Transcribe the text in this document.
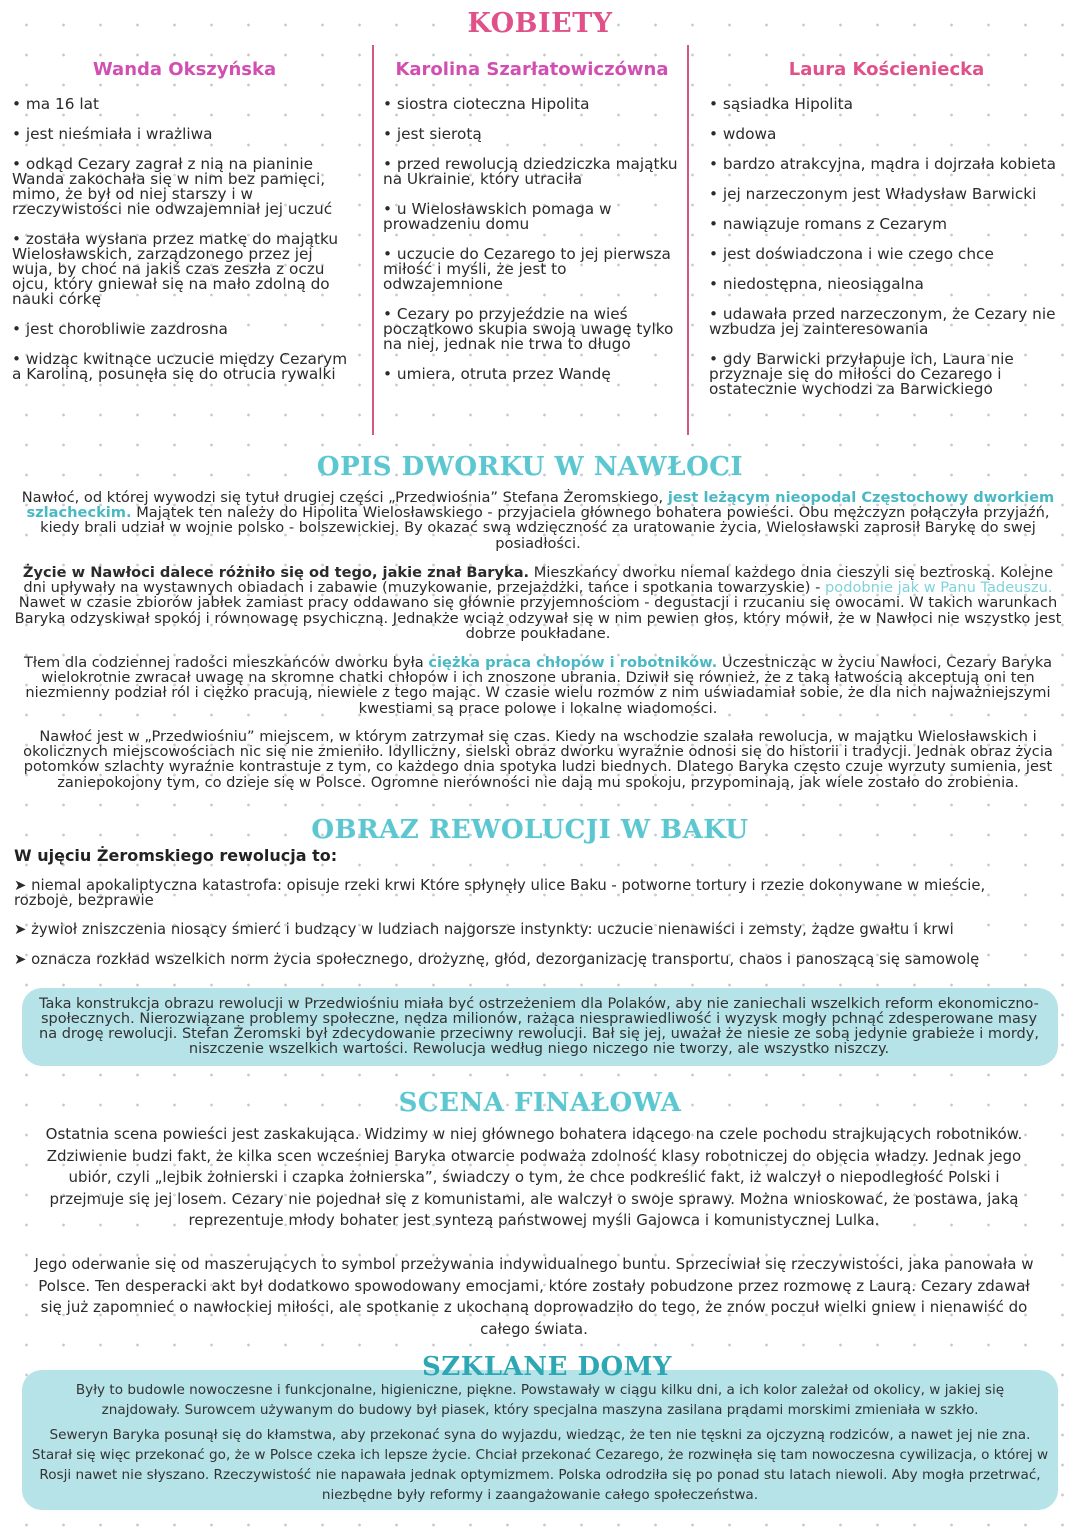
KOBIETY
Wanda Okszyńska
• ma 16 lat
• jest nieśmiała i wrażliwa
• odkąd Cezary zagrał z nią na pianinie Wanda zakochała się w nim bez pamięci, mimo, że był od niej starszy i w rzeczywistości nie odwzajemniał jej uczuć
• została wysłana przez matkę do majątku Wielosławskich, zarządzonego przez jej wuja, by choć na jakiś czas zeszła z oczu ojcu, który gniewał się na mało zdolną do nauki córkę
• jest chorobliwie zazdrosna
• widząc kwitnące uczucie między Cezarym a Karoliną, posunęła się do otrucia rywalki
Karolina Szarłatowiczówna
• siostra cioteczna Hipolita
• jest sierotą
• przed rewolucją dziedziczka majątku na Ukrainie, który utraciła
• u Wielosławskich pomaga w prowadzeniu domu
• uczucie do Cezarego to jej pierwsza miłość i myśli, że jest to odwzajemnione
• Cezary po przyjeździe na wieś początkowo skupia swoją uwagę tylko na niej, jednak nie trwa to długo
• umiera, otruta przez Wandę
Laura Kościeniecka
• sąsiadka Hipolita
• wdowa
• bardzo atrakcyjna, mądra i dojrzała kobieta
• jej narzeczonym jest Władysław Barwicki
• nawiązuje romans z Cezarym
• jest doświadczona i wie czego chce
• niedostępna, nieosiągalna
• udawała przed narzeczonym, że Cezary nie wzbudza jej zainteresowania
• gdy Barwicki przyłapuje ich, Laura nie przyznaje się do miłości do Cezarego i ostatecznie wychodzi za Barwickiego
OPIS DWORKU W NAWŁOCI
Nawłoć, od której wywodzi się tytuł drugiej części „Przedwiośnia” Stefana Żeromskiego, jest leżącym nieopodal Częstochowy dworkiem szlacheckim. Majątek ten należy do Hipolita Wielosławskiego - przyjaciela głównego bohatera powieści. Obu mężczyzn połączyła przyjaźń, kiedy brali udział w wojnie polsko - bolszewickiej. By okazać swą wdzięczność za uratowanie życia, Wielosławski zaprosił Barykę do swej posiadłości.
Życie w Nawłoci dalece różniło się od tego, jakie znał Baryka. Mieszkańcy dworku niemal każdego dnia cieszyli się beztroską. Kolejne dni upływały na wystawnych obiadach i zabawie (muzykowanie, przejażdżki, tańce i spotkania towarzyskie) - podobnie jak w Panu Tadeuszu. Nawet w czasie zbiorów jabłek zamiast pracy oddawano się głównie przyjemnościom - degustacji i rzucaniu się owocami. W takich warunkach Baryka odzyskiwał spokój i równowagę psychiczną. Jednakże wciąż odzywał się w nim pewien głos, który mówił, że w Nawłoci nie wszystko jest dobrze poukładane.
Tłem dla codziennej radości mieszkańców dworku była ciężka praca chłopów i robotników. Uczestnicząc w życiu Nawłoci, Cezary Baryka wielokrotnie zwracał uwagę na skromne chatki chłopów i ich znoszone ubrania. Dziwił się również, że z taką łatwością akceptują oni ten niezmienny podział ról i ciężko pracują, niewiele z tego mając. W czasie wielu rozmów z nim uświadamiał sobie, że dla nich najważniejszymi kwestiami są prace polowe i lokalne wiadomości.
Nawłoć jest w „Przedwiośniu” miejscem, w którym zatrzymał się czas. Kiedy na wschodzie szalała rewolucja, w majątku Wielosławskich i okolicznych miejscowościach nic się nie zmieniło. Idylliczny, sielski obraz dworku wyraźnie odnosi się do historii i tradycji. Jednak obraz życia potomków szlachty wyraźnie kontrastuje z tym, co każdego dnia spotyka ludzi biednych. Dlatego Baryka często czuje wyrzuty sumienia, jest zaniepokojony tym, co dzieje się w Polsce. Ogromne nierówności nie dają mu spokoju, przypominają, jak wiele zostało do zrobienia.
OBRAZ REWOLUCJI W BAKU
W ujęciu Żeromskiego rewolucja to:
➤ niemal apokaliptyczna katastrofa: opisuje rzeki krwi Które spłynęły ulice Baku - potworne tortury i rzezie dokonywane w mieście, rozboje, bezprawie
➤ żywioł zniszczenia niosący śmierć i budzący w ludziach najgorsze instynkty: uczucie nienawiści i zemsty, żądze gwałtu i krwi
➤ oznacza rozkład wszelkich norm życia społecznego, drożyznę, głód, dezorganizację transportu, chaos i panoszącą się samowolę
Taka konstrukcja obrazu rewolucji w Przedwiośniu miała być ostrzeżeniem dla Polaków, aby nie zaniechali wszelkich reform ekonomiczno-społecznych. Nierozwiązane problemy społeczne, nędza milionów, rażąca niesprawiedliwość i wyzysk mogły pchnąć zdesperowane masy na drogę rewolucji. Stefan Żeromski był zdecydowanie przeciwny rewolucji. Bał się jej, uważał że niesie ze sobą jedynie grabieże i mordy, niszczenie wszelkich wartości. Rewolucja według niego niczego nie tworzy, ale wszystko niszczy.
SCENA FINAŁOWA
Ostatnia scena powieści jest zaskakująca. Widzimy w niej głównego bohatera idącego na czele pochodu strajkujących robotników. Zdziwienie budzi fakt, że kilka scen wcześniej Baryka otwarcie podważa zdolność klasy robotniczej do objęcia władzy. Jednak jego ubiór, czyli „lejbik żołnierski i czapka żołnierska”, świadczy o tym, że chce podkreślić fakt, iż walczył o niepodległość Polski i przejmuje się jej losem. Cezary nie pojednał się z komunistami, ale walczył o swoje sprawy. Można wnioskować, że postawa, jaką reprezentuje młody bohater jest syntezą państwowej myśli Gajowca i komunistycznej Lulka.
Jego oderwanie się od maszerujących to symbol przeżywania indywidualnego buntu. Sprzeciwiał się rzeczywistości, jaka panowała w Polsce. Ten desperacki akt był dodatkowo spowodowany emocjami, które zostały pobudzone przez rozmowę z Laurą. Cezary zdawał się już zapomnieć o nawłockiej miłości, ale spotkanie z ukochaną doprowadziło do tego, że znów poczuł wielki gniew i nienawiść do całego świata.
SZKLANE DOMY
Były to budowle nowoczesne i funkcjonalne, higieniczne, piękne. Powstawały w ciągu kilku dni, a ich kolor zależał od okolicy, w jakiej się znajdowały. Surowcem używanym do budowy był piasek, który specjalna maszyna zasilana prądami morskimi zmieniała w szkło.
Seweryn Baryka posunął się do kłamstwa, aby przekonać syna do wyjazdu, wiedząc, że ten nie tęskni za ojczyzną rodziców, a nawet jej nie zna. Starał się więc przekonać go, że w Polsce czeka ich lepsze życie. Chciał przekonać Cezarego, że rozwinęła się tam nowoczesna cywilizacja, o której w Rosji nawet nie słyszano. Rzeczywistość nie napawała jednak optymizmem. Polska odrodziła się po ponad stu latach niewoli. Aby mogła przetrwać, niezbędne były reformy i zaangażowanie całego społeczeństwa.
